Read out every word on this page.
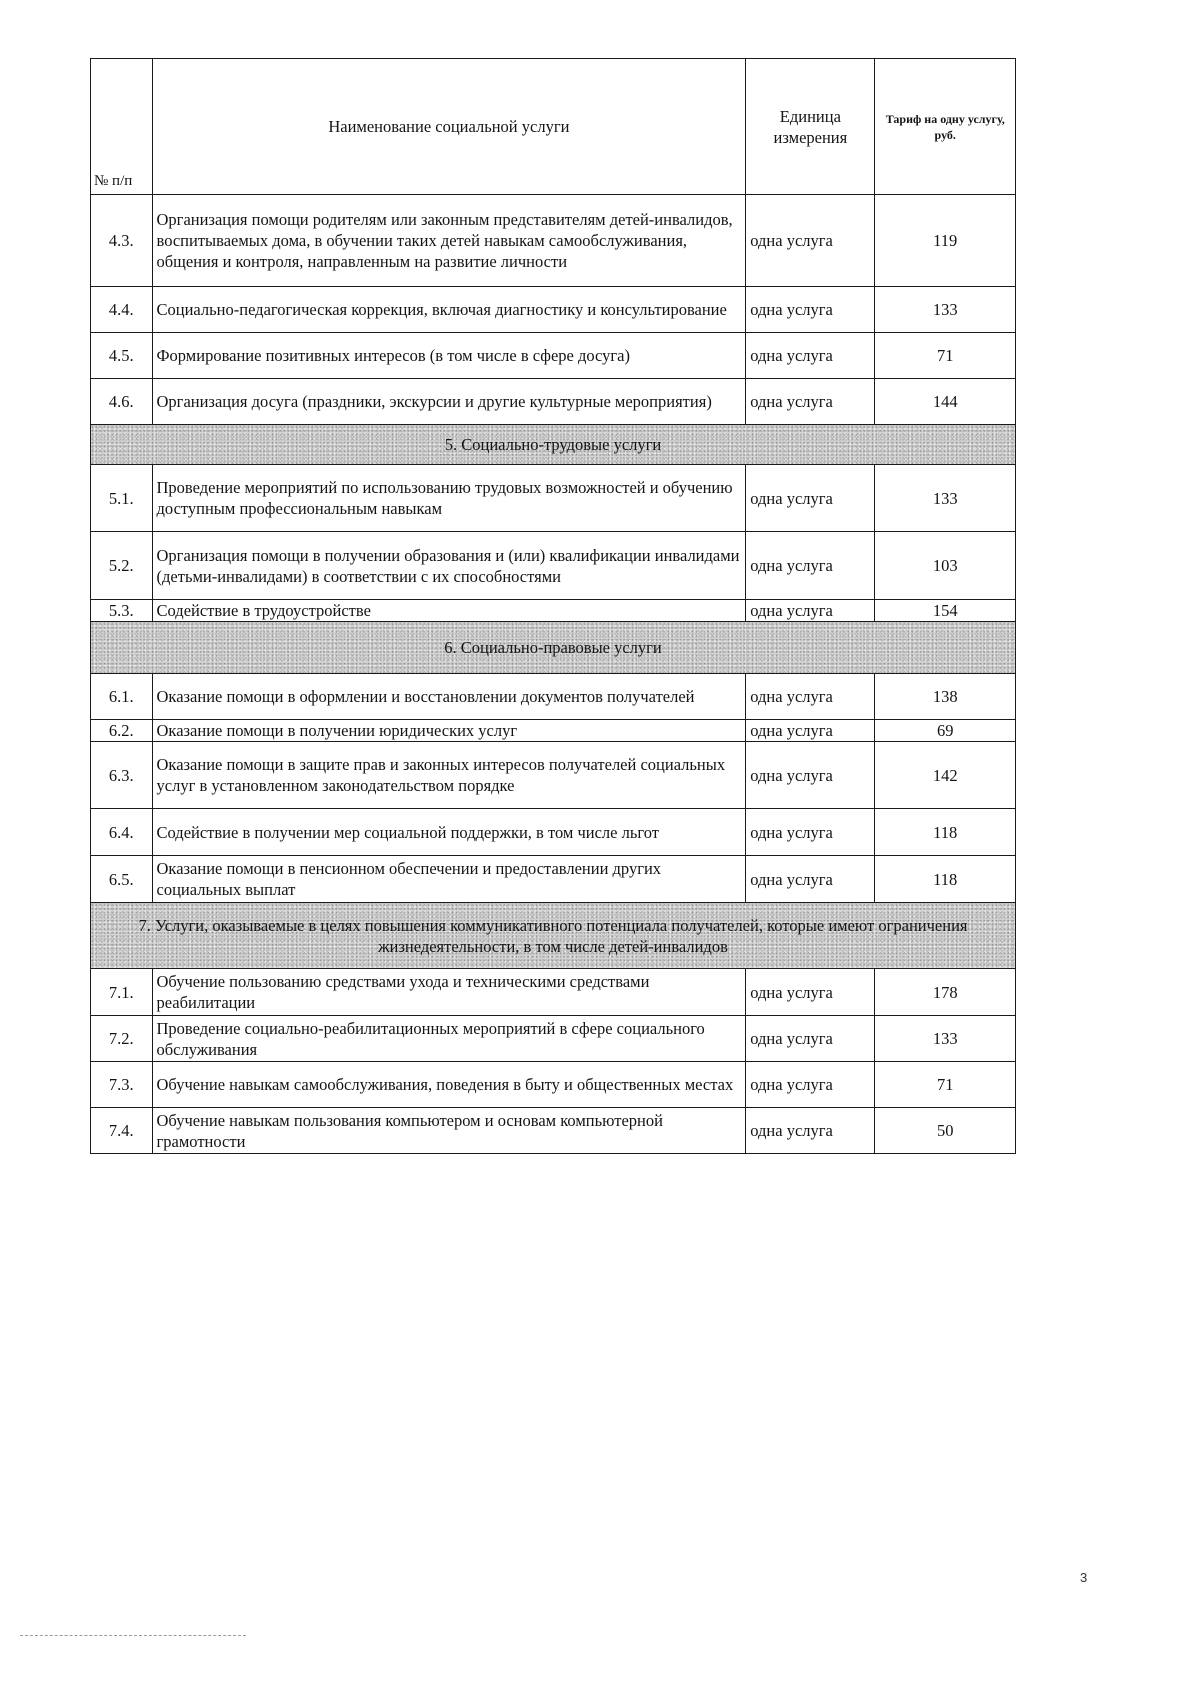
№ п/п	Наименование социальной услуги	Единица измерения	Тариф на одну услугу, руб.
4.3.	Организация помощи родителям или законным представителям детей-инвалидов, воспитываемых дома, в обучении таких детей навыкам самообслуживания, общения и контроля, направленным на развитие личности	одна услуга	119
4.4.	Социально-педагогическая коррекция, включая диагностику и консультирование	одна услуга	133
4.5.	Формирование позитивных интересов (в том числе в сфере досуга)	одна услуга	71
4.6.	Организация досуга (праздники, экскурсии и другие культурные мероприятия)	одна услуга	144
5. Социально-трудовые услуги			
5.1.	Проведение мероприятий по использованию трудовых возможностей и обучению доступным профессиональным навыкам	одна услуга	133
5.2.	Организация помощи в получении образования и (или) квалификации инвалидами (детьми-инвалидами) в соответствии с их способностями	одна услуга	103
5.3.	Содействие в трудоустройстве	одна услуга	154
6. Социально-правовые услуги			
6.1.	Оказание помощи в оформлении и восстановлении документов получателей	одна услуга	138
6.2.	Оказание помощи в получении юридических услуг	одна услуга	69
6.3.	Оказание помощи в защите прав и законных интересов получателей социальных услуг в установленном законодательством порядке	одна услуга	142
6.4.	Содействие в получении мер социальной поддержки, в том числе льгот	одна услуга	118
6.5.	Оказание помощи в пенсионном обеспечении и предоставлении других социальных выплат	одна услуга	118
7. Услуги, оказываемые в целях повышения коммуникативного потенциала получателей, которые имеют ограничения жизнедеятельности, в том числе детей-инвалидов			
7.1.	Обучение пользованию средствами ухода и техническими средствами реабилитации	одна услуга	178
7.2.	Проведение социально-реабилитационных мероприятий в сфере социального обслуживания	одна услуга	133
7.3.	Обучение навыкам самообслуживания, поведения в быту и общественных местах	одна услуга	71
7.4.	Обучение навыкам пользования компьютером и основам компьютерной грамотности	одна услуга	50
3
